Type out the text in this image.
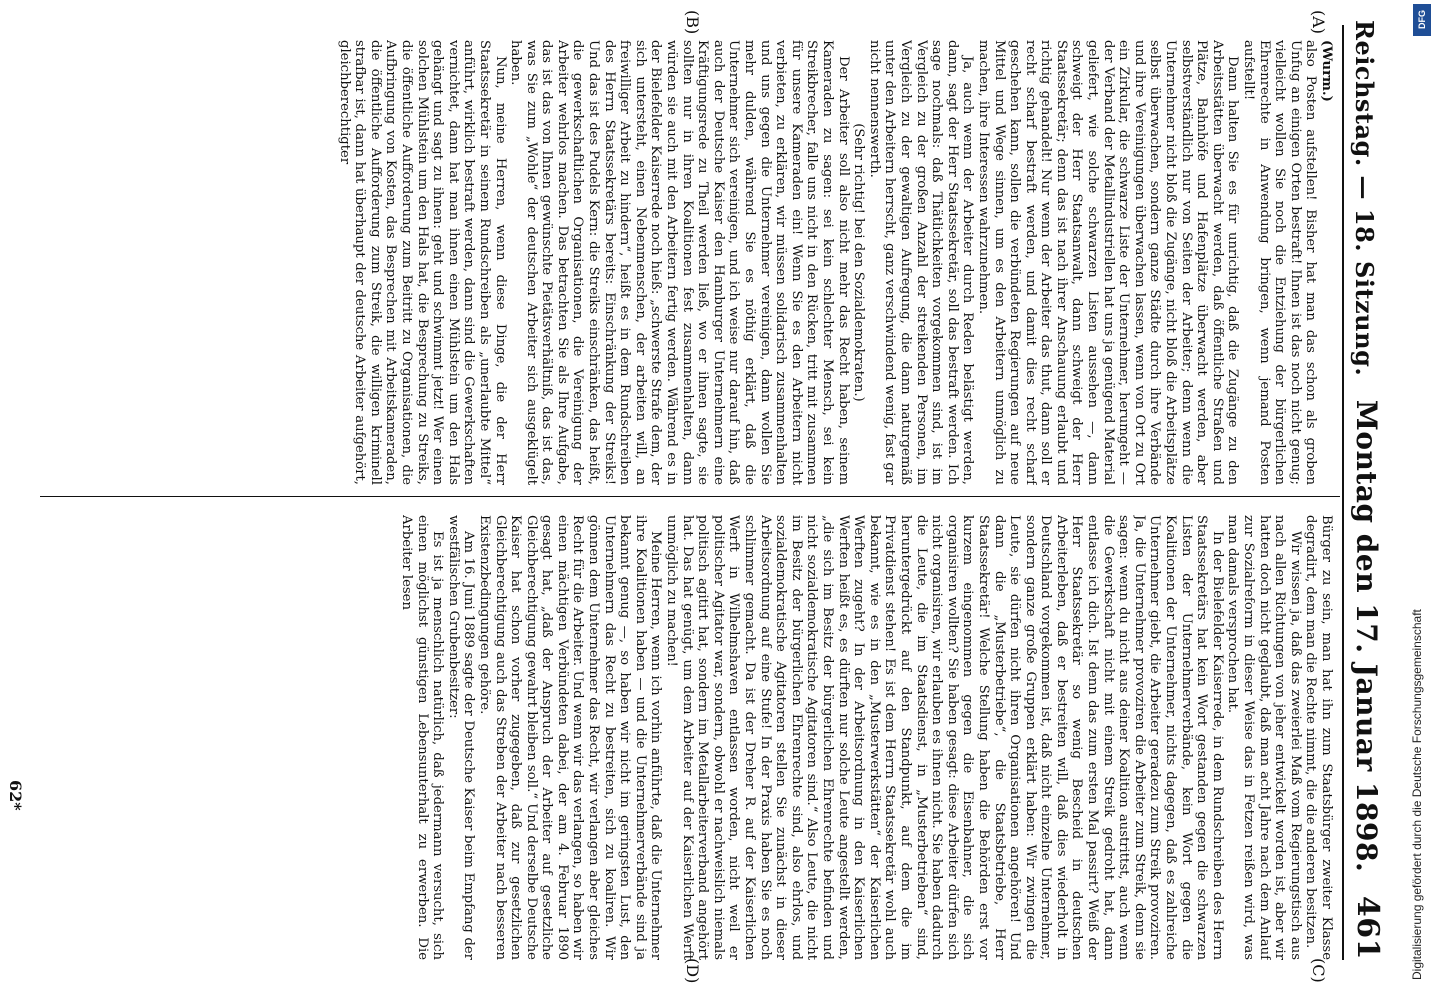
Reichstag. — 18. Sitzung.
Montag den 17. Januar 1898.
461
(A)
(B)
(C)
(D)

(Wurm.)

also Posten aufstellen! Bisher hat man das schon als groben Unfug an einigen Orten bestraft! Ihnen ist das noch nicht genug; vielleicht wollen Sie noch die Entziehung der bürgerlichen Ehrenrechte in Anwendung bringen, wenn jemand Posten aufstellt!

Dann halten Sie es für unrichtig, daß die Zugänge zu den Arbeitsstätten überwacht werden, daß öffentliche Straßen und Plätze, Bahnhöfe und Hafenplätze überwacht werden, aber selbstverständlich nur von Seiten der Arbeiter; denn wenn die Unternehmer nicht bloß die Zugänge, nicht bloß die Arbeitsplätze selbst überwachen, sondern ganze Städte durch ihre Verbände und ihre Vereinigungen überwachen lassen, wenn von Ort zu Ort ein Zirkular, die schwarze Liste der Unternehmer, herumgeht — der Verband der Metallindustriellen hat uns ja genügend Material geliefert, wie solche schwarzen Listen aussehen —, dann schweigt der Herr Staatsanwalt, dann schweigt der Herr Staatssekretär; denn das ist nach ihrer Anschauung erlaubt und richtig gehandelt! Nur wenn der Arbeiter das thut, dann soll er recht scharf bestraft werden, und damit dies recht scharf geschehen kann, sollen die verbündeten Regierungen auf neue Mittel und Wege sinnen, um es den Arbeitern unmöglich zu machen, ihre Interessen wahrzunehmen.

Ja, auch wenn der Arbeiter durch Reden belästigt werden, dann, sagt der Herr Staatssekretär, soll das bestraft werden. Ich sage nochmals: daß Thätlichkeiten vorgekommen sind, ist im Vergleich zu der großen Anzahl der streikenden Personen, im Vergleich zu der gewaltigen Aufregung, die dann naturgemäß unter den Arbeitern herrscht, ganz verschwindend wenig, fast gar nicht nennenswerth.

(Sehr richtig! bei den Sozialdemokraten.)

Der Arbeiter soll also nicht mehr das Recht haben, seinem Kameraden zu sagen: sei kein schlechter Mensch, sei kein Streikbrecher, falle uns nicht in den Rücken, tritt mit zusammen für unsere Kameraden ein! Wenn Sie es den Arbeitern nicht verbieten, zu erklären, wir müssen solidarisch zusammenhalten und uns gegen die Unternehmer vereinigen, dann wollen Sie mehr dulden, während Sie es nöthig erklärt, daß die Unternehmer sich vereinigen, und ich weise nur darauf hin, daß auch der Deutsche Kaiser den Hamburger Unternehmern eine Kräftigungsrede zu Theil werden ließ, wo er ihnen sagte, sie sollten nur in ihren Koalitionen fest zusammenhalten, dann würden sie auch mit den Arbeitern fertig werden. Während es in der Bielefelder Kaiserrede noch hieß: „schwerste Strafe dem, der sich untersteht, einen Nebenmenschen, der arbeiten will, an freiwilliger Arbeit zu hindern“, heißt es in dem Rundschreiben des Herrn Staatssekretärs bereits: Einschränkung der Streiks! Und das ist des Pudels Kern: die Streiks einschränken, das heißt, die gewerkschaftlichen Organisationen, die Vereinigung der Arbeiter wehrlos machen. Das betrachten Sie als Ihre Aufgabe, das ist das von Ihnen gewünschte Pietätsverhältniß, das ist das, was Sie zum „Wohle“ der deutschen Arbeiter sich ausgeklügelt haben.

Nun, meine Herren, wenn diese Dinge, die der Herr Staatssekretär in seinem Rundschreiben als „unerlaubte Mittel“ anführt, wirklich bestraft werden, dann sind die Gewerkschaften vernichtet, dann hat man ihnen einen Mühlstein um den Hals gehängt und sagt zu ihnen: geht und schwimmt jetzt! Wer einen solchen Mühlstein um den Hals hat, die Besprechung zu Streiks, die öffentliche Aufforderung zum Beitritt zu Organisationen, die Aufbringung von Kosten, das Besprechen mit Arbeitskameraden, die öffentliche Aufforderung zum Streik, die willigen kriminell strafbar ist, dann hat überhaupt der deutsche Arbeiter aufgehört, gleichberechtigter

Bürger zu sein, man hat ihn zum Staatsbürger zweiter Klasse degradirt, dem man die Rechte nimmt, die die anderen besitzen.

Wir wissen ja, daß das zweierlei Maß vom Regierungstisch aus nach allen Richtungen von jeher entwickelt worden ist, aber wir hatten doch nicht geglaubt, daß man acht Jahre nach dem Anlauf zur Sozialreform in dieser Weise das in Fetzen reißen wird, was man damals versprochen hat.

In der Bielefelder Kaiserrede, in dem Rundschreiben des Herrn Staatssekretärs hat kein Wort gestanden gegen die schwarzen Listen der Unternehmerverbände, kein Wort gegen die Koalitionen der Unternehmer, nichts dagegen, daß es zahlreiche Unternehmer giebt, die Arbeiter geradezu zum Streik provoziren. Ja, die Unternehmer provoziren die Arbeiter zum Streik, denn sie sagen: wenn du nicht aus deiner Koalition austrittst, auch wenn die Gewerkschaft nicht mit einem Streik gedroht hat, dann entlasse ich dich. Ist denn das zum ersten Mal passirt? Weiß der Herr Staatssekretär so wenig Bescheid in deutschen Arbeiterleben, daß er bestreiten will, daß dies wiederholt in Deutschland vorgekommen ist, daß nicht einzelne Unternehmer, sondern ganze große Gruppen erklärt haben: Wir zwingen die Leute, sie dürfen nicht ihren Organisationen angehören! Und dann die „Musterbetriebe“, die Staatsbetriebe, Herr Staatssekretär! Welche Stellung haben die Behörden erst vor kurzem eingenommen gegen die Eisenbahner, die sich organisiren wollten? Sie haben gesagt: diese Arbeiter dürfen sich nicht organisiren, wir erlauben es ihnen nicht. Sie haben dadurch die Leute, die im Staatsdienst, in „Musterbetrieben“ sind, heruntergedrückt auf den Standpunkt, auf dem die im Privatdienst stehen! Es ist dem Herrn Staatssekretär wohl auch bekannt, wie es in den „Musterwerkstätten“ der Kaiserlichen Werften zugeht? In der Arbeitsordnung in den Kaiserlichen Werften heißt es, es dürften nur solche Leute angestellt werden, „die sich im Besitz der bürgerlichen Ehrenrechte befinden und nicht sozialdemokratische Agitatoren sind.“ Also Leute, die nicht im Besitz der bürgerlichen Ehrenrechte sind, also ehrlos, und sozialdemokratische Agitatoren stellen Sie zunächst in dieser Arbeitsordnung auf eine Stufe! In der Praxis haben Sie es noch schlimmer gemacht. Da ist der Dreher R. auf der Kaiserlichen Werft in Wilhelmshaven entlassen worden, nicht weil er politischer Agitator war, sondern, obwohl er nachweislich niemals politisch agitirt hat, sondern im Metallarbeiterverband angehört hat. Das hat genügt, um dem Arbeiter auf der Kaiserlichen Werft unmöglich zu machen!

Meine Herren, wenn ich vorhin anführte, daß die Unternehmer ihre Koalitionen haben — und die Unternehmerverbände sind ja bekannt genug —, so haben wir nicht im geringsten Lust, den Unternehmern das Recht zu bestreiten, sich zu koaliren. Wir gönnen dem Unternehmer das Recht, wir verlangen aber gleiches Recht für die Arbeiter. Und wenn wir das verlangen, so haben wir einen mächtigen Verbündeten dabei, der am 4. Februar 1890 gesagt hat, „daß der Anspruch der Arbeiter auf gesetzliche Gleichberechtigung gewahrt bleiben soll.“ Und derselbe Deutsche Kaiser hat schon vorher zugegeben, daß zur gesetzlichen Gleichberechtigung auch das Streben der Arbeiter nach besseren Existenzbedingungen gehöre.

Am 16. Juni 1889 sagte der Deutsche Kaiser beim Empfang der westfälischen Grubenbesitzer:

Es ist ja menschlich natürlich, daß jedermann versucht, sich einen möglichst günstigen Lebensunterhalt zu erwerben. Die Arbeiter lesen

62*	Digitalisierung gefördert durch die Deutsche Forschungsgemeinschaft
DFG
